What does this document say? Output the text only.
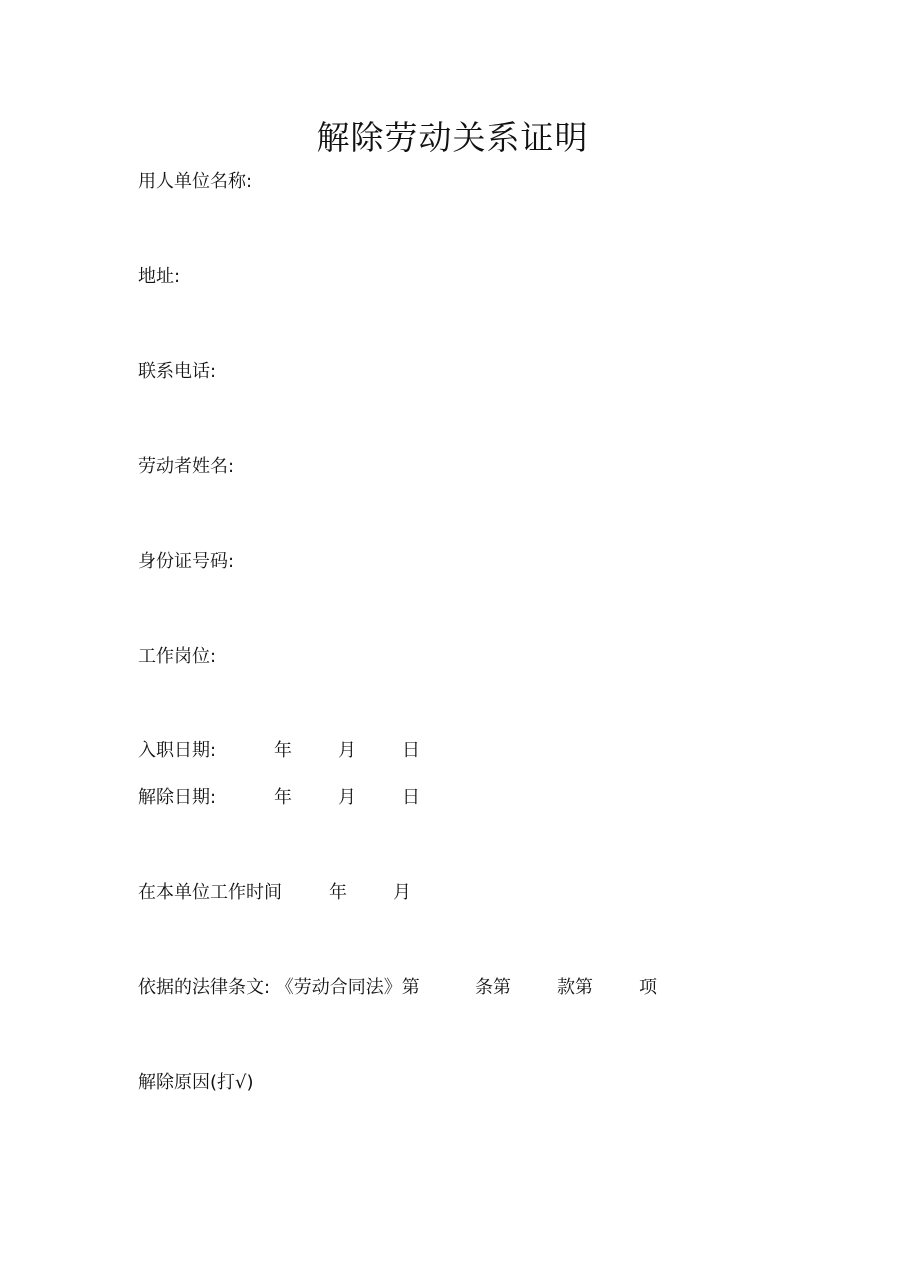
解除劳动关系证明
用人单位名称:
地址:
联系电话:
劳动者姓名:
身份证号码:
工作岗位:
入职日期:	年	月	日
解除日期:	年	月	日
在本单位工作时间	年	月
依据的法律条文: 《劳动合同法》第	条第	款第	项
解除原因(打√)
